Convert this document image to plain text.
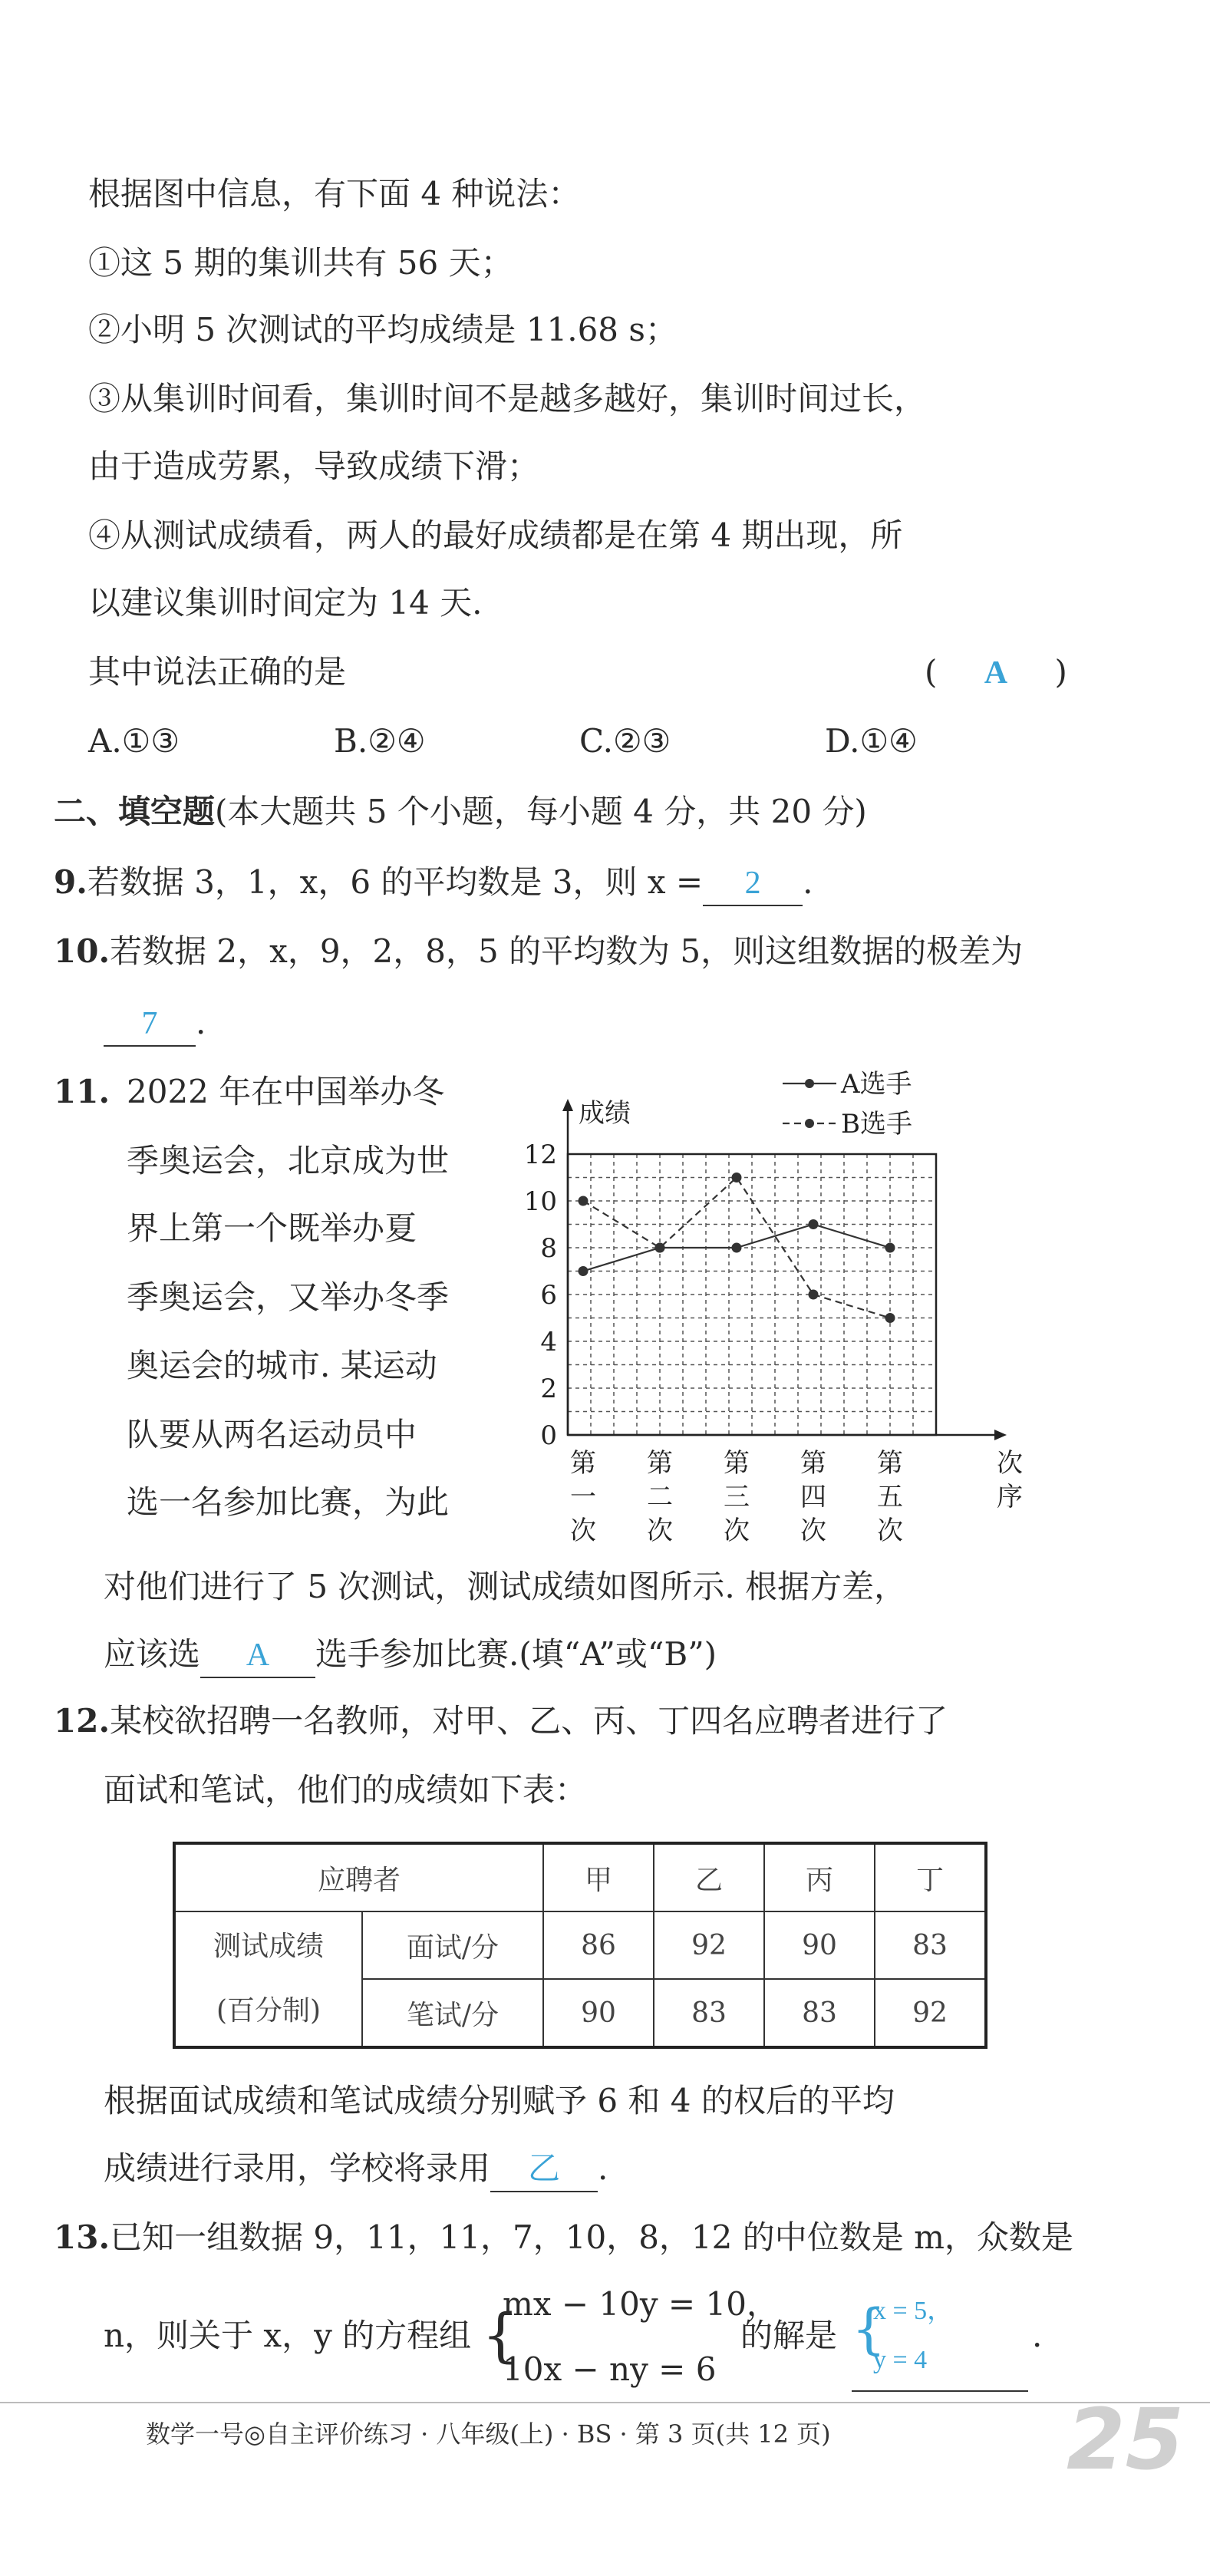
根据图中信息，有下面 4 种说法：
①这 5 期的集训共有 56 天；
②小明 5 次测试的平均成绩是 11.68 s；
③从集训时间看，集训时间不是越多越好，集训时间过长，
由于造成劳累，导致成绩下滑；
④从测试成绩看，两人的最好成绩都是在第 4 期出现，所
以建议集训时间定为 14 天.
其中说法正确的是	( A )
A.①③	B.②④	C.②③	D.①④
二、填空题(本大题共 5 个小题，每小题 4 分，共 20 分)
9.若数据 3，1，x，6 的平均数是 3，则 x = 2 .
10.若数据 2，x，9，2，8，5 的平均数为 5，则这组数据的极差为
7 .
11. 2022 年在中国举办冬
季奥运会，北京成为世
界上第一个既举办夏
季奥运会，又举办冬季
奥运会的城市. 某运动
队要从两名运动员中
选一名参加比赛，为此
对他们进行了 5 次测试，测试成绩如图所示. 根据方差，
应该选 A 选手参加比赛.(填“A”或“B”)
0
2
4
6
8
10
12
成绩
第
一
次
第
二
次
第
三
次
第
四
次
第
五
次
次
序
A选手
B选手
12.某校欲招聘一名教师，对甲、乙、丙、丁四名应聘者进行了
面试和笔试，他们的成绩如下表：
应聘者		甲	乙	丙	丁

测试成绩
(百分制)	面试/分	86	92	90	83
	笔试/分	90	83	83	92
根据面试成绩和笔试成绩分别赋予 6 和 4 的权后的平均
成绩进行录用，学校将录用 乙 .
13.已知一组数据 9，11，11，7，10，8，12 的中位数是 m，众数是
n，则关于 x，y 的方程组 {
mx − 10y = 10，
10x − ny = 6
的解是 {
x = 5，
y = 4
.
数学一号◎自主评价练习 · 八年级(上) · BS · 第 3 页(共 12 页)	25
